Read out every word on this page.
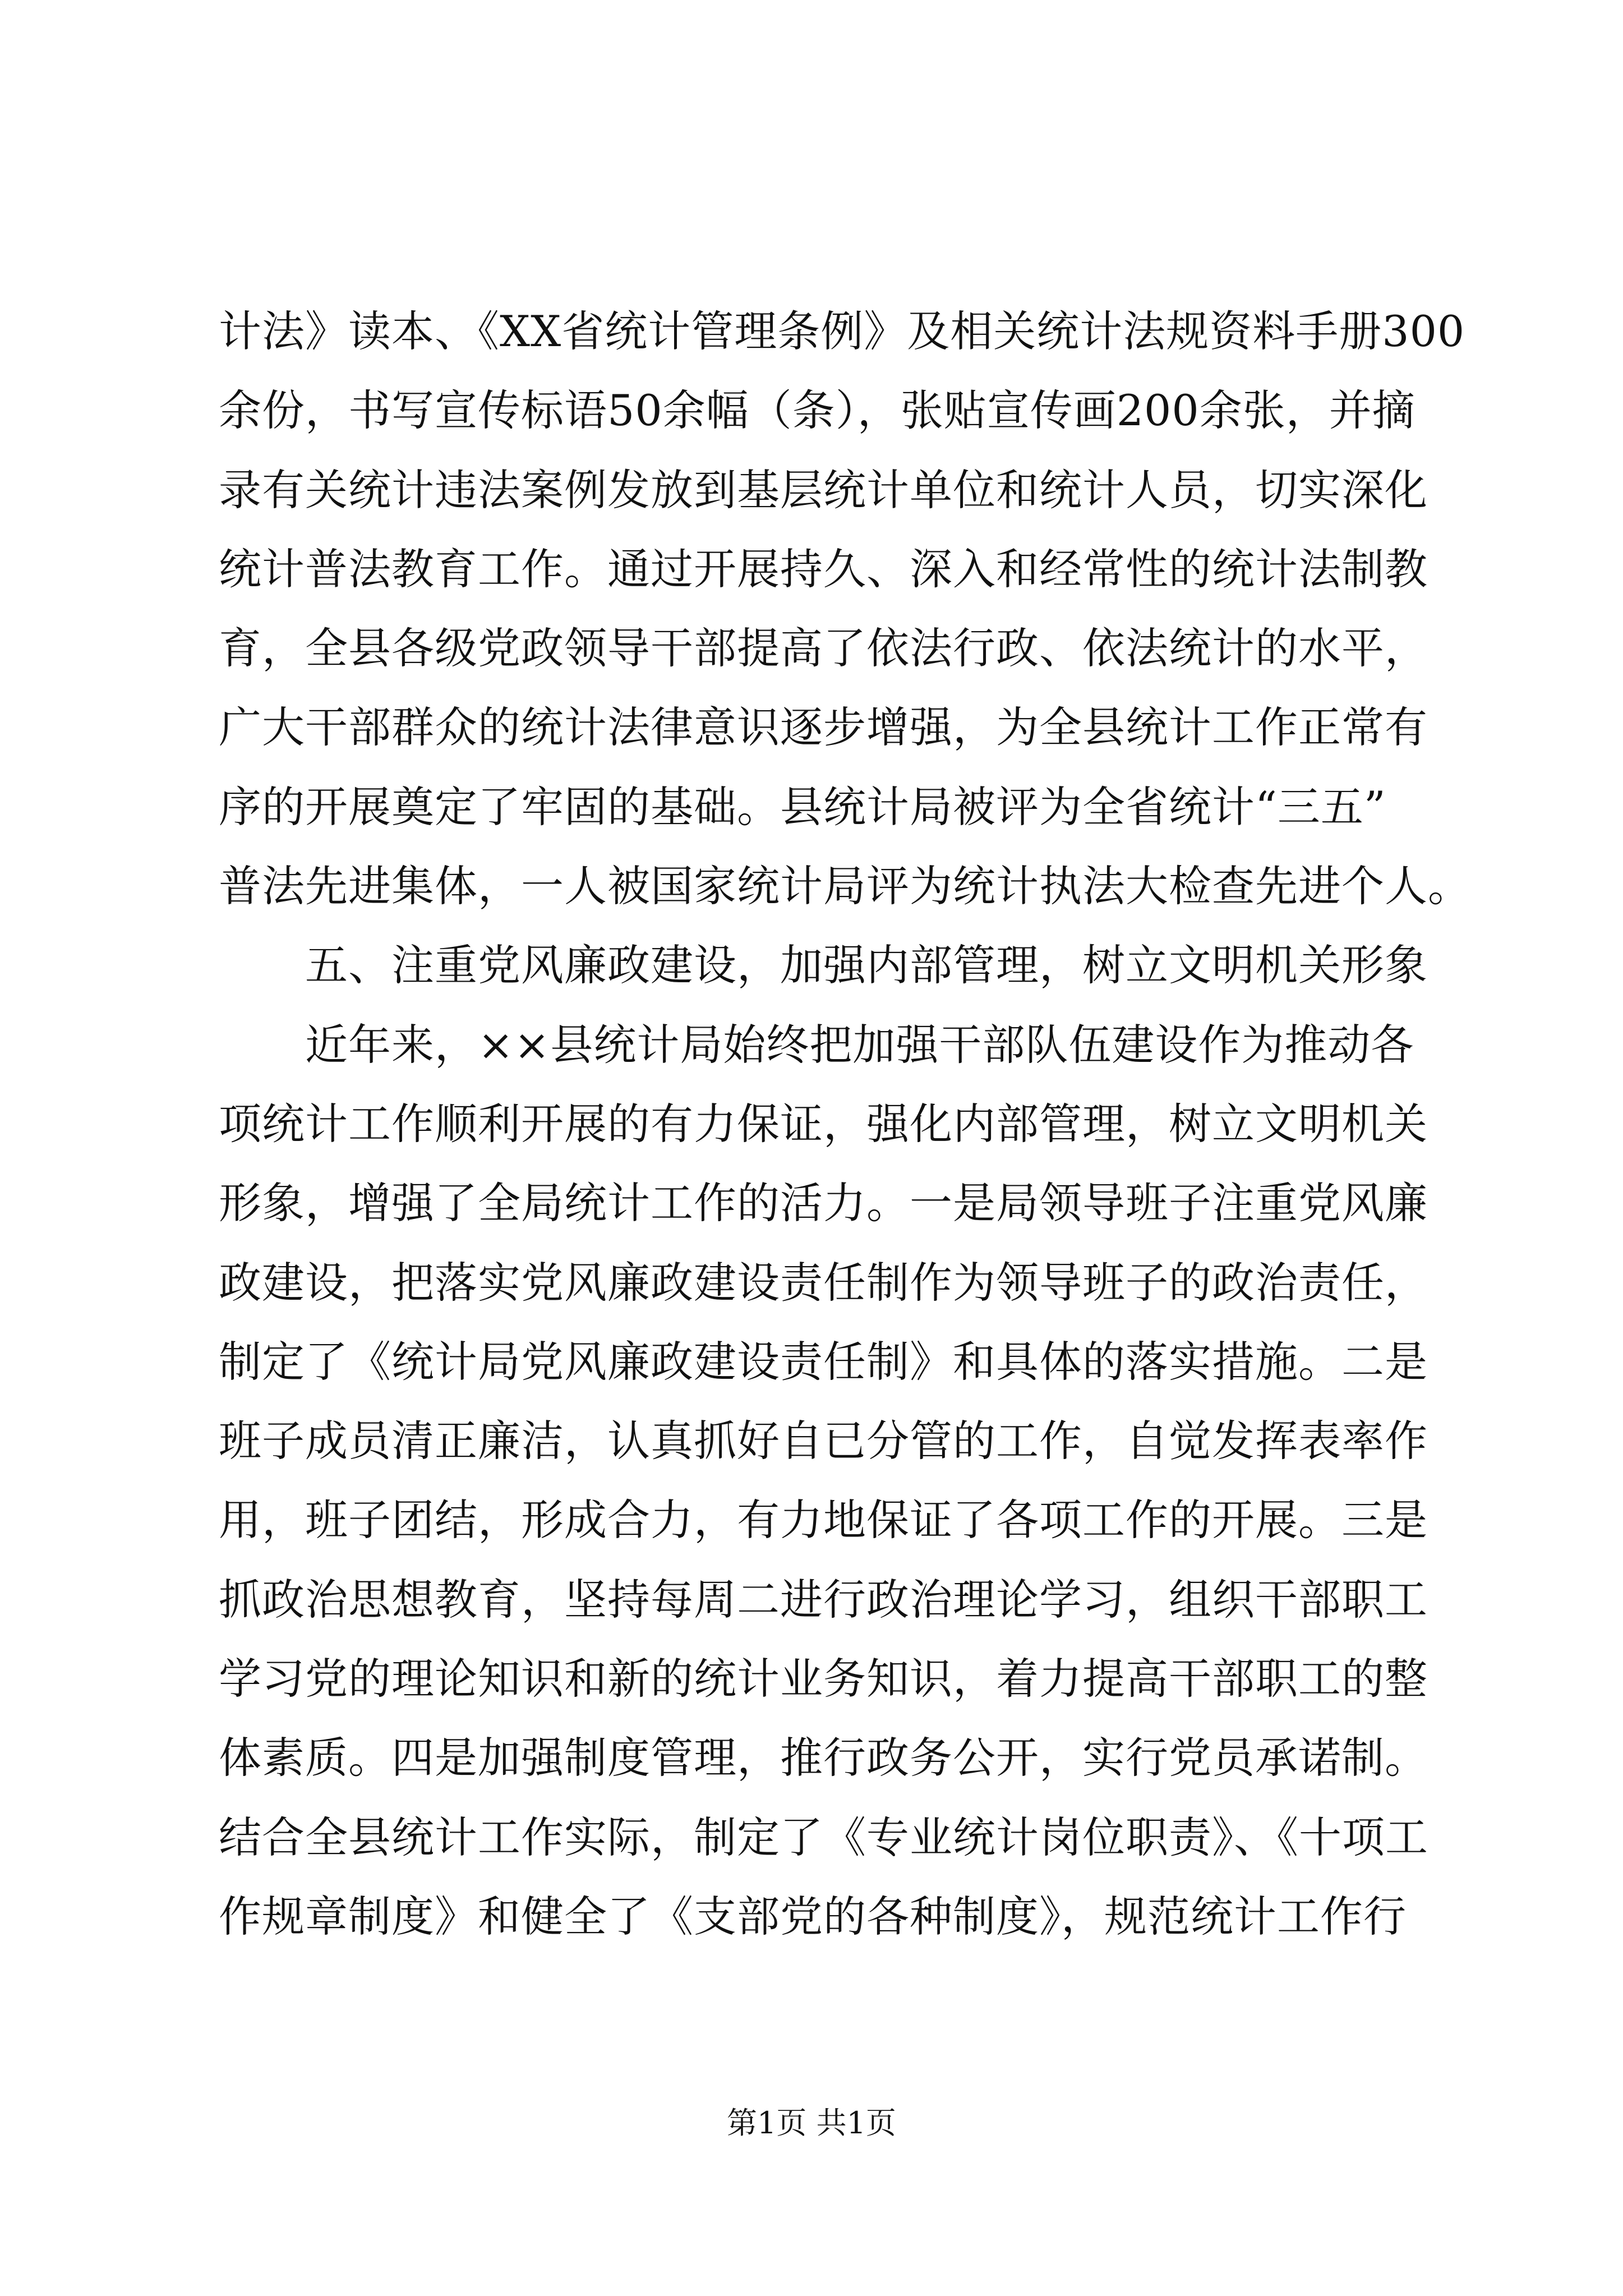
计法》读本、《XX省统计管理条例》及相关统计法规资料手册300
余份，书写宣传标语50余幅（条），张贴宣传画200余张，并摘
录有关统计违法案例发放到基层统计单位和统计人员，切实深化
统计普法教育工作。通过开展持久、深入和经常性的统计法制教
育，全县各级党政领导干部提高了依法行政、依法统计的水平，
广大干部群众的统计法律意识逐步增强，为全县统计工作正常有
序的开展奠定了牢固的基础。县统计局被评为全省统计“三五”
普法先进集体，一人被国家统计局评为统计执法大检查先进个人。
　　五、注重党风廉政建设，加强内部管理，树立文明机关形象
　　近年来，××县统计局始终把加强干部队伍建设作为推动各
项统计工作顺利开展的有力保证，强化内部管理，树立文明机关
形象，增强了全局统计工作的活力。一是局领导班子注重党风廉
政建设，把落实党风廉政建设责任制作为领导班子的政治责任，
制定了《统计局党风廉政建设责任制》和具体的落实措施。二是
班子成员清正廉洁，认真抓好自已分管的工作，自觉发挥表率作
用，班子团结，形成合力，有力地保证了各项工作的开展。三是
抓政治思想教育，坚持每周二进行政治理论学习，组织干部职工
学习党的理论知识和新的统计业务知识，着力提高干部职工的整
体素质。四是加强制度管理，推行政务公开，实行党员承诺制。
结合全县统计工作实际，制定了《专业统计岗位职责》、《十项工
作规章制度》和健全了《支部党的各种制度》，规范统计工作行
第1页 共1页
